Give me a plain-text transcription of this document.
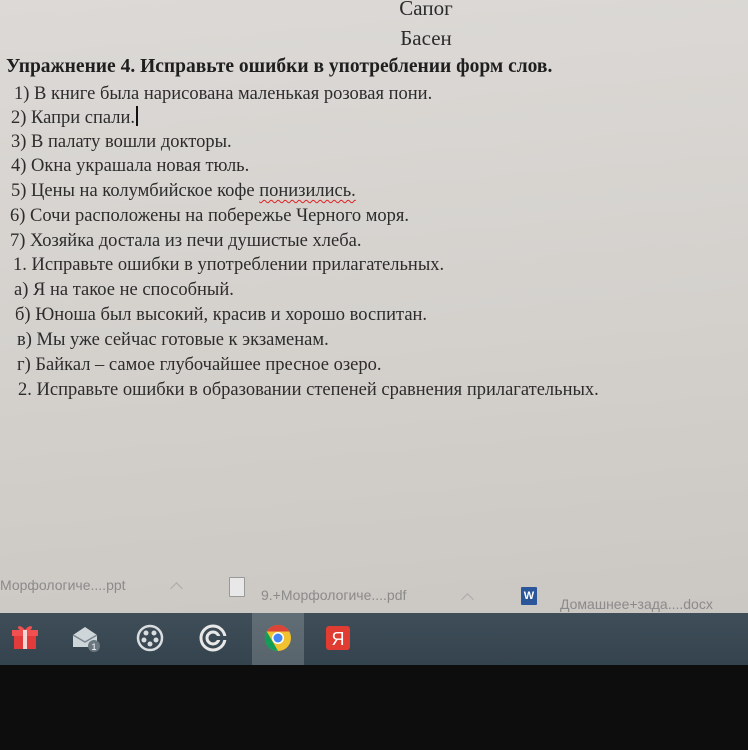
Сапог
Басен
Упражнение 4. Исправьте ошибки в употреблении форм слов.
1) В книге была нарисована маленькая розовая пони.
2) Капри спали.
3) В палату вошли докторы.
4) Окна украшала новая тюль.
5) Цены на колумбийское кофе понизились.
6) Сочи расположены на побережье Черного моря.
7) Хозяйка достала из печи душистые хлеба.
1. Исправьте ошибки в употреблении прилагательных.
а) Я на такое не способный.
б) Юноша был высокий, красив и хорошо воспитан.
в) Мы уже сейчас готовые к экзаменам.
г) Байкал – самое глубочайшее пресное озеро.
2. Исправьте ошибки в образовании степеней сравнения прилагательных.
Морфологиче....ppt
9.+Морфологиче....pdf	W Домашнее+зада....docx
1	Я
